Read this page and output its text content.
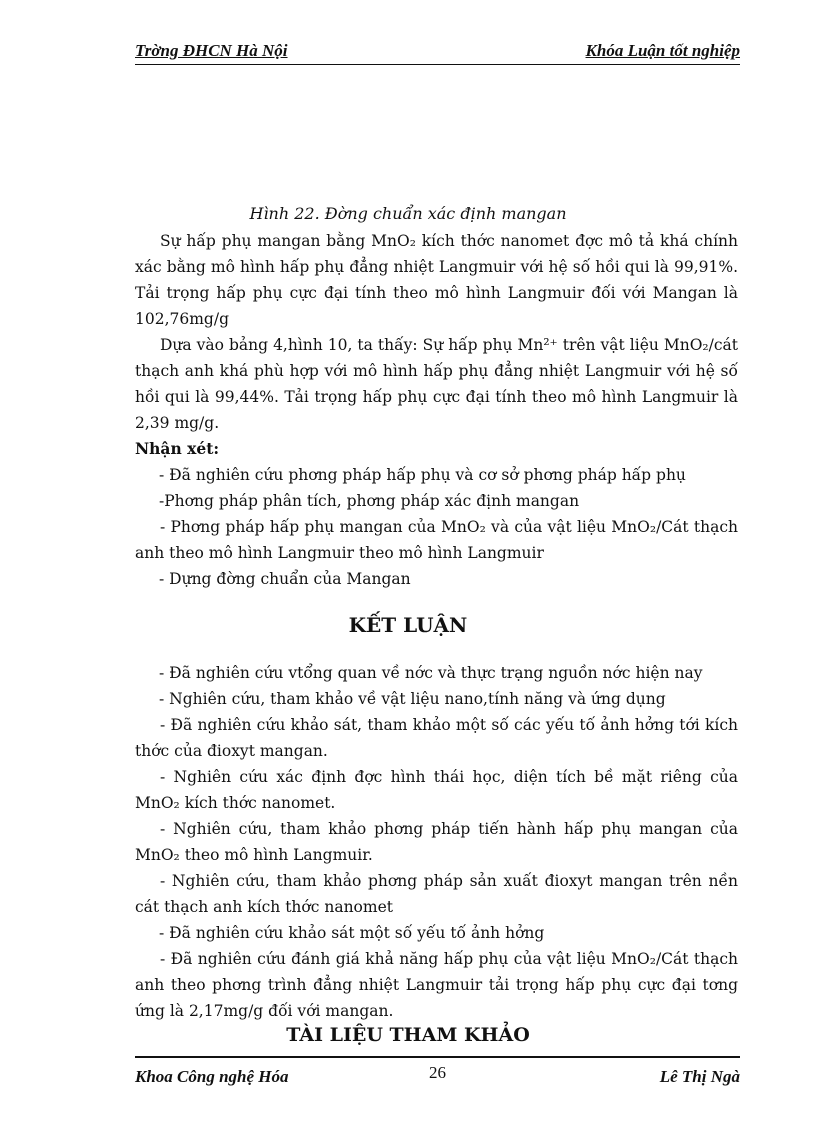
Trờng ĐHCN Hà Nội	Khóa Luận tốt nghiệp
Hình 22. Đờng chuẩn xác định mangan

Sự hấp phụ mangan bằng MnO₂ kích thớc nanomet đợc mô tả khá chính xác bằng mô hình hấp phụ đẳng nhiệt Langmuir với hệ số hồi qui là 99,91%. Tải trọng hấp phụ cực đại tính theo mô hình Langmuir đối với Mangan là 102,76mg/g

Dựa vào bảng 4,hình 10, ta thấy: Sự hấp phụ Mn²⁺ trên vật liệu MnO₂/cát thạch anh khá phù hợp với mô hình hấp phụ đẳng nhiệt Langmuir với hệ số hồi qui là 99,44%. Tải trọng hấp phụ cực đại tính theo mô hình Langmuir là 2,39 mg/g.

Nhận xét:

- Đã nghiên cứu phơng pháp hấp phụ và cơ sở phơng pháp hấp phụ

-Phơng pháp phân tích, phơng pháp xác định mangan

- Phơng pháp hấp phụ mangan của MnO₂ và của vật liệu MnO₂/Cát thạch anh theo mô hình Langmuir theo mô hình Langmuir

- Dựng đờng chuẩn của Mangan

KẾT LUẬN

- Đã nghiên cứu vtổng quan về nớc và thực trạng nguồn nớc hiện nay

- Nghiên cứu, tham khảo về vật liệu nano,tính năng và ứng dụng

- Đã nghiên cứu khảo sát, tham khảo một số các yếu tố ảnh hởng tới kích thớc của đioxyt mangan.

- Nghiên cứu xác định đợc hình thái học, diện tích bề mặt riêng của MnO₂ kích thớc nanomet.

- Nghiên cứu, tham khảo phơng pháp tiến hành hấp phụ mangan của MnO₂ theo mô hình Langmuir.

- Nghiên cứu, tham khảo phơng pháp sản xuất đioxyt mangan trên nền cát thạch anh kích thớc nanomet

- Đã nghiên cứu khảo sát một số yếu tố ảnh hởng

- Đã nghiên cứu đánh giá khả năng hấp phụ của vật liệu MnO₂/Cát thạch anh theo phơng trình đẳng nhiệt Langmuir tải trọng hấp phụ cực đại tơng ứng là 2,17mg/g đối với mangan.

TÀI LIỆU THAM KHẢO
Khoa Công nghệ Hóa	26	Lê Thị Ngà
